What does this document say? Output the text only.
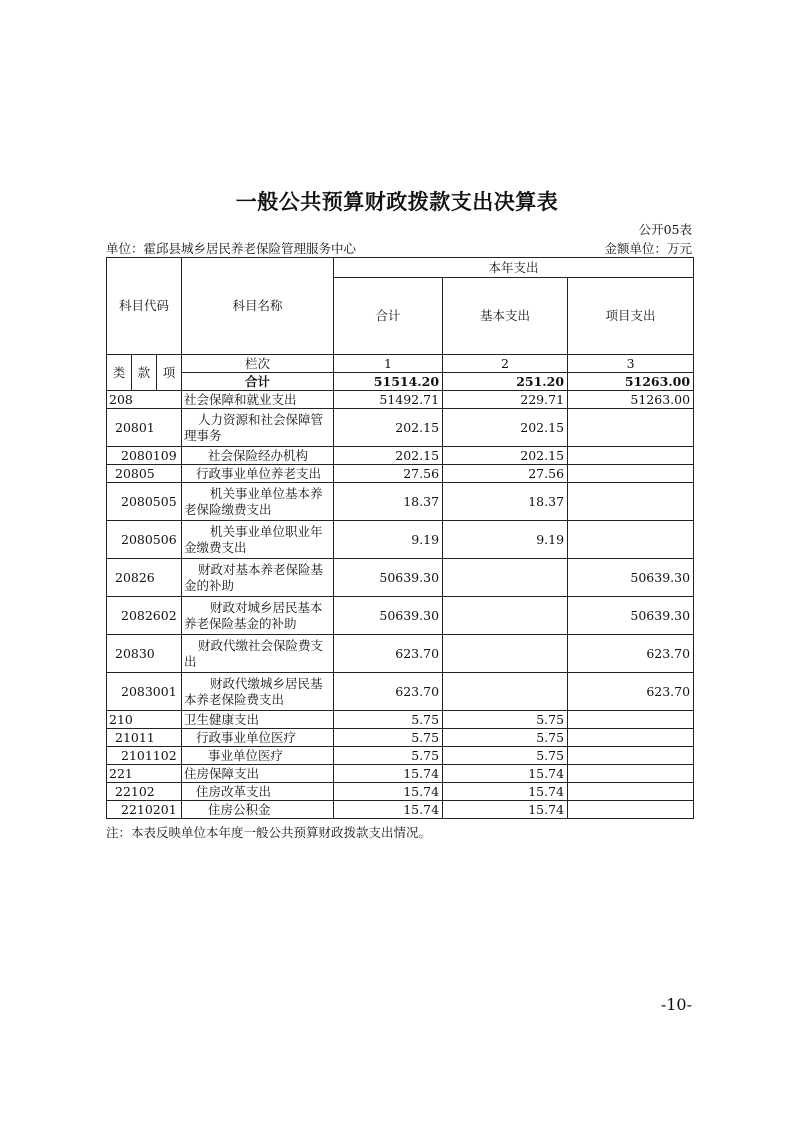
一般公共预算财政拨款支出决算表
公开05表
单位：霍邱县城乡居民养老保险管理服务中心	金额单位：万元
科目代码			科目名称	本年支出		
				合计	基本支出	项目支出
类	款	项	栏次	1	2	3
			合计	51514.20	251.20	51263.00
208			社会保障和就业支出	51492.71	229.71	51263.00
20801			人力资源和社会保障管理事务	202.15	202.15	
2080109			社会保险经办机构	202.15	202.15	
20805			行政事业单位养老支出	27.56	27.56	
2080505			机关事业单位基本养老保险缴费支出	18.37	18.37	
2080506			机关事业单位职业年金缴费支出	9.19	9.19	
20826			财政对基本养老保险基金的补助	50639.30		50639.30
2082602			财政对城乡居民基本养老保险基金的补助	50639.30		50639.30
20830			财政代缴社会保险费支出	623.70		623.70
2083001			财政代缴城乡居民基本养老保险费支出	623.70		623.70
210			卫生健康支出	5.75	5.75	
21011			行政事业单位医疗	5.75	5.75	
2101102			事业单位医疗	5.75	5.75	
221			住房保障支出	15.74	15.74	
22102			住房改革支出	15.74	15.74	
2210201			住房公积金	15.74	15.74	
注：本表反映单位本年度一般公共预算财政拨款支出情况。
-10-
